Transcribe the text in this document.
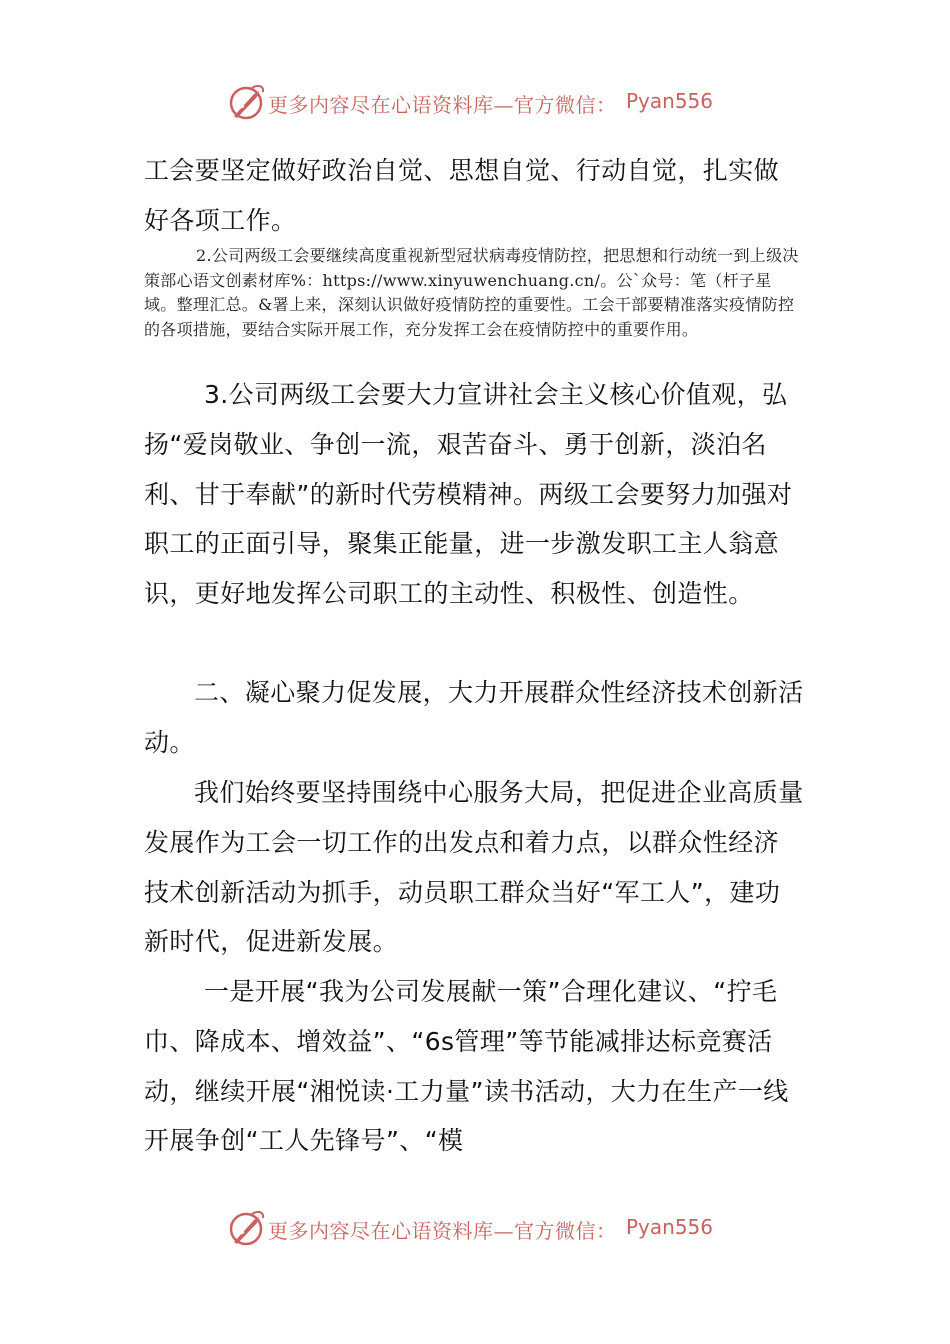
更多内容尽在心语资料库—官方微信： Pyan556
工会要坚定做好政治自觉、思想自觉、行动自觉，扎实做好各项工作。
2.公司两级工会要继续高度重视新型冠状病毒疫情防控，把思想和行动统一到上级决策部心语文创素材库%：https://www.xinyuwenchuang.cn/。公`众号：笔（杆子星域。整理汇总。&署上来，深刻认识做好疫情防控的重要性。工会干部要精准落实疫情防控的各项措施，要结合实际开展工作，充分发挥工会在疫情防控中的重要作用。
3.公司两级工会要大力宣讲社会主义核心价值观，弘扬“爱岗敬业、争创一流，艰苦奋斗、勇于创新，淡泊名利、甘于奉献”的新时代劳模精神。两级工会要努力加强对职工的正面引导，聚集正能量，进一步激发职工主人翁意识，更好地发挥公司职工的主动性、积极性、创造性。
二、凝心聚力促发展，大力开展群众性经济技术创新活动。
我们始终要坚持围绕中心服务大局，把促进企业高质量发展作为工会一切工作的出发点和着力点，以群众性经济技术创新活动为抓手，动员职工群众当好“军工人”，建功新时代，促进新发展。
一是开展“我为公司发展献一策”合理化建议、“拧毛巾、降成本、增效益”、“6s管理”等节能减排达标竞赛活动，继续开展“湘悦读·工力量”读书活动，大力在生产一线开展争创“工人先锋号”、“模
更多内容尽在心语资料库—官方微信： Pyan556
